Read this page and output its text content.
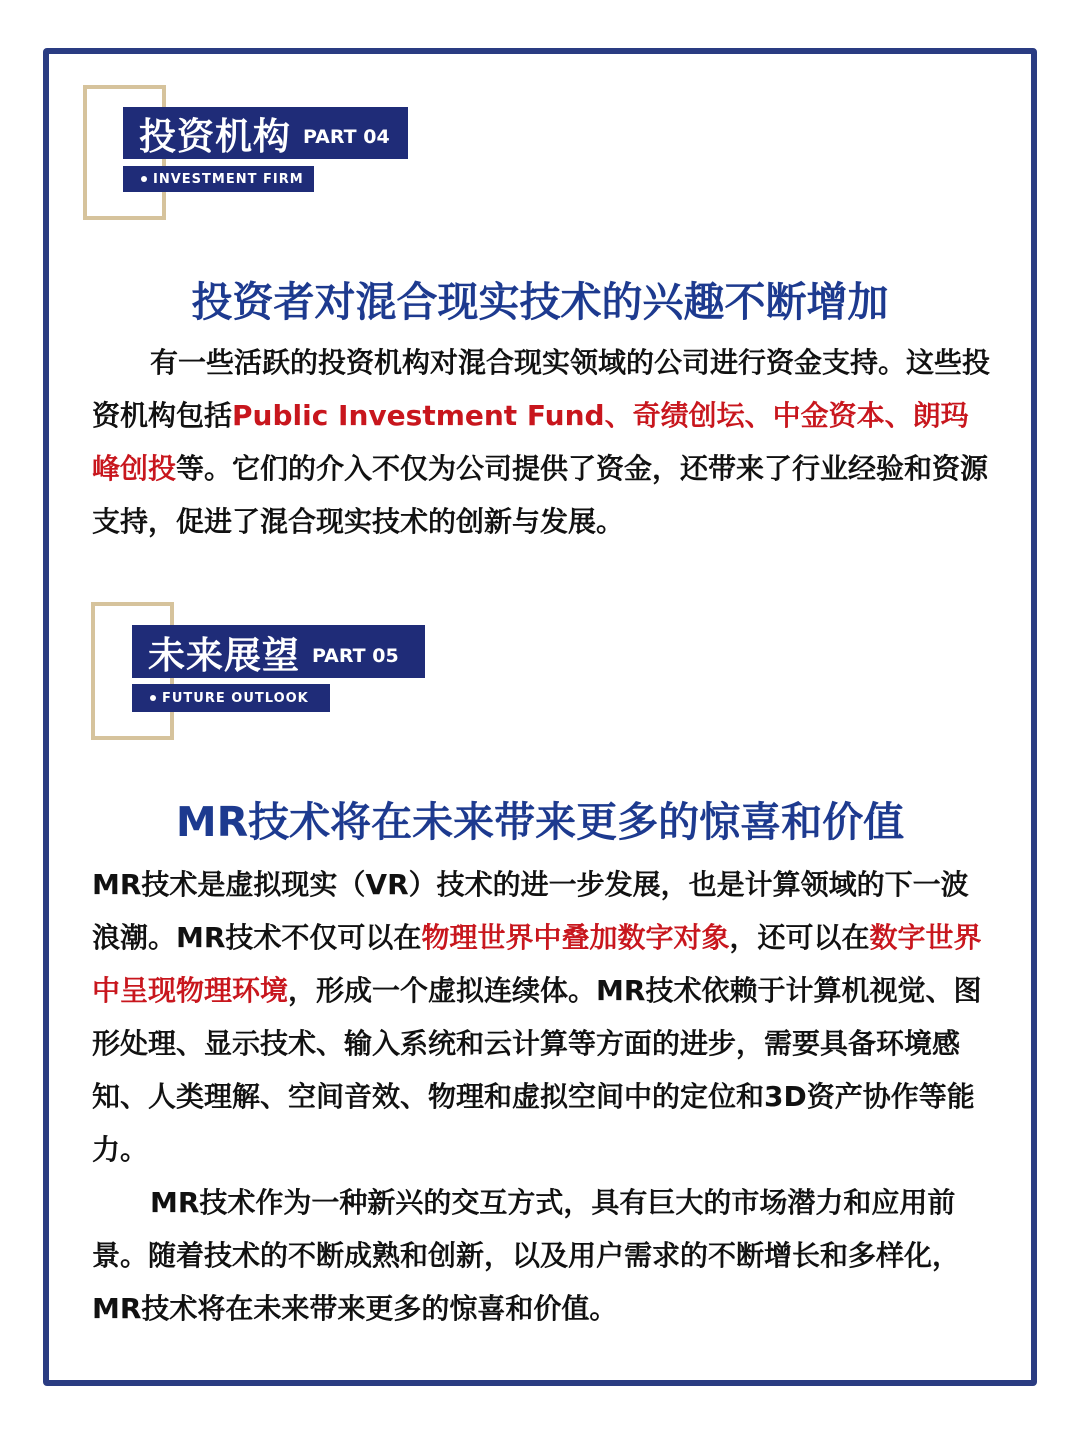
投资机构 PART 04
INVESTMENT FIRM
投资者对混合现实技术的兴趣不断增加

有一些活跃的投资机构对混合现实领域的公司进行资金支持。这些投资机构包括Public Investment Fund、奇绩创坛、中金资本、朗玛峰创投等。它们的介入不仅为公司提供了资金，还带来了行业经验和资源支持，促进了混合现实技术的创新与发展。

未来展望 PART 05
FUTURE OUTLOOK
MR技术将在未来带来更多的惊喜和价值

MR技术是虚拟现实（VR）技术的进一步发展，也是计算领域的下一波浪潮。MR技术不仅可以在物理世界中叠加数字对象，还可以在数字世界中呈现物理环境，形成一个虚拟连续体。MR技术依赖于计算机视觉、图形处理、显示技术、输入系统和云计算等方面的进步，需要具备环境感知、人类理解、空间音效、物理和虚拟空间中的定位和3D资产协作等能力。

MR技术作为一种新兴的交互方式，具有巨大的市场潜力和应用前景。随着技术的不断成熟和创新，以及用户需求的不断增长和多样化，MR技术将在未来带来更多的惊喜和价值。
